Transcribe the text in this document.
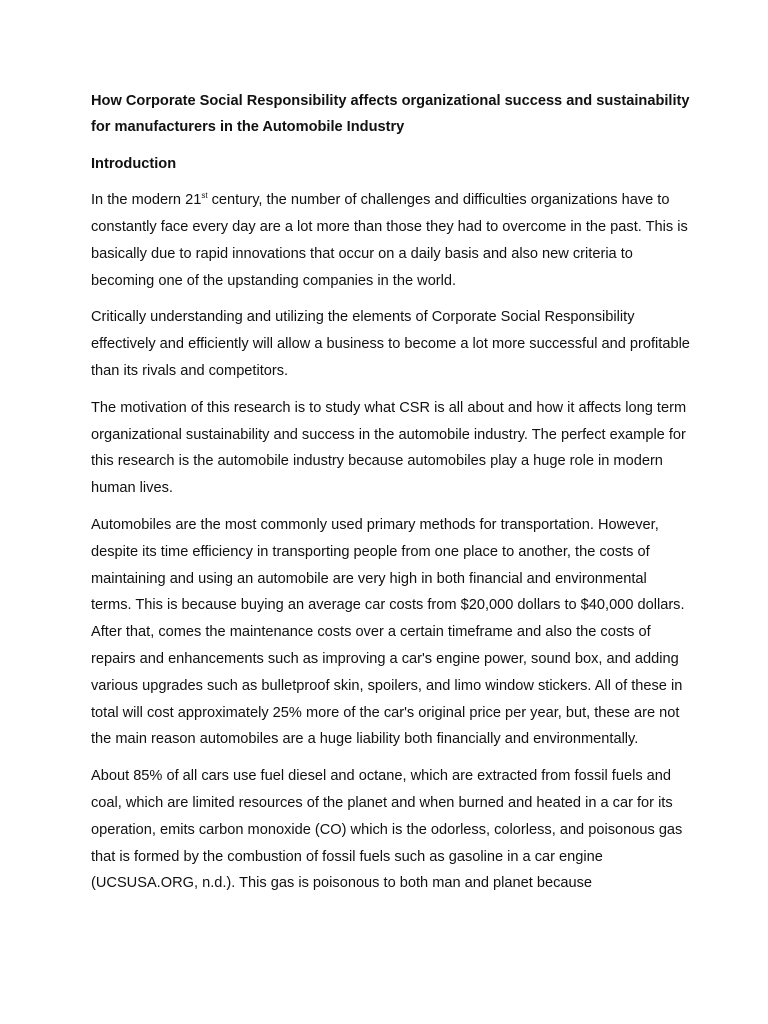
How Corporate Social Responsibility affects organizational success and sustainability for manufacturers in the Automobile Industry
Introduction

In the modern 21st century, the number of challenges and difficulties organizations have to constantly face every day are a lot more than those they had to overcome in the past. This is basically due to rapid innovations that occur on a daily basis and also new criteria to becoming one of the upstanding companies in the world.

Critically understanding and utilizing the elements of Corporate Social Responsibility effectively and efficiently will allow a business to become a lot more successful and profitable than its rivals and competitors.

The motivation of this research is to study what CSR is all about and how it affects long term organizational sustainability and success in the automobile industry. The perfect example for this research is the automobile industry because automobiles play a huge role in modern human lives.

Automobiles are the most commonly used primary methods for transportation. However, despite its time efficiency in transporting people from one place to another, the costs of maintaining and using an automobile are very high in both financial and environmental terms. This is because buying an average car costs from $20,000 dollars to $40,000 dollars. After that, comes the maintenance costs over a certain timeframe and also the costs of repairs and enhancements such as improving a car's engine power, sound box, and adding various upgrades such as bulletproof skin, spoilers, and limo window stickers. All of these in total will cost approximately 25% more of the car's original price per year, but, these are not the main reason automobiles are a huge liability both financially and environmentally.

About 85% of all cars use fuel diesel and octane, which are extracted from fossil fuels and coal, which are limited resources of the planet and when burned and heated in a car for its operation, emits carbon monoxide (CO) which is the odorless, colorless, and poisonous gas that is formed by the combustion of fossil fuels such as gasoline in a car engine (UCSUSA.ORG, n.d.). This gas is poisonous to both man and planet because
